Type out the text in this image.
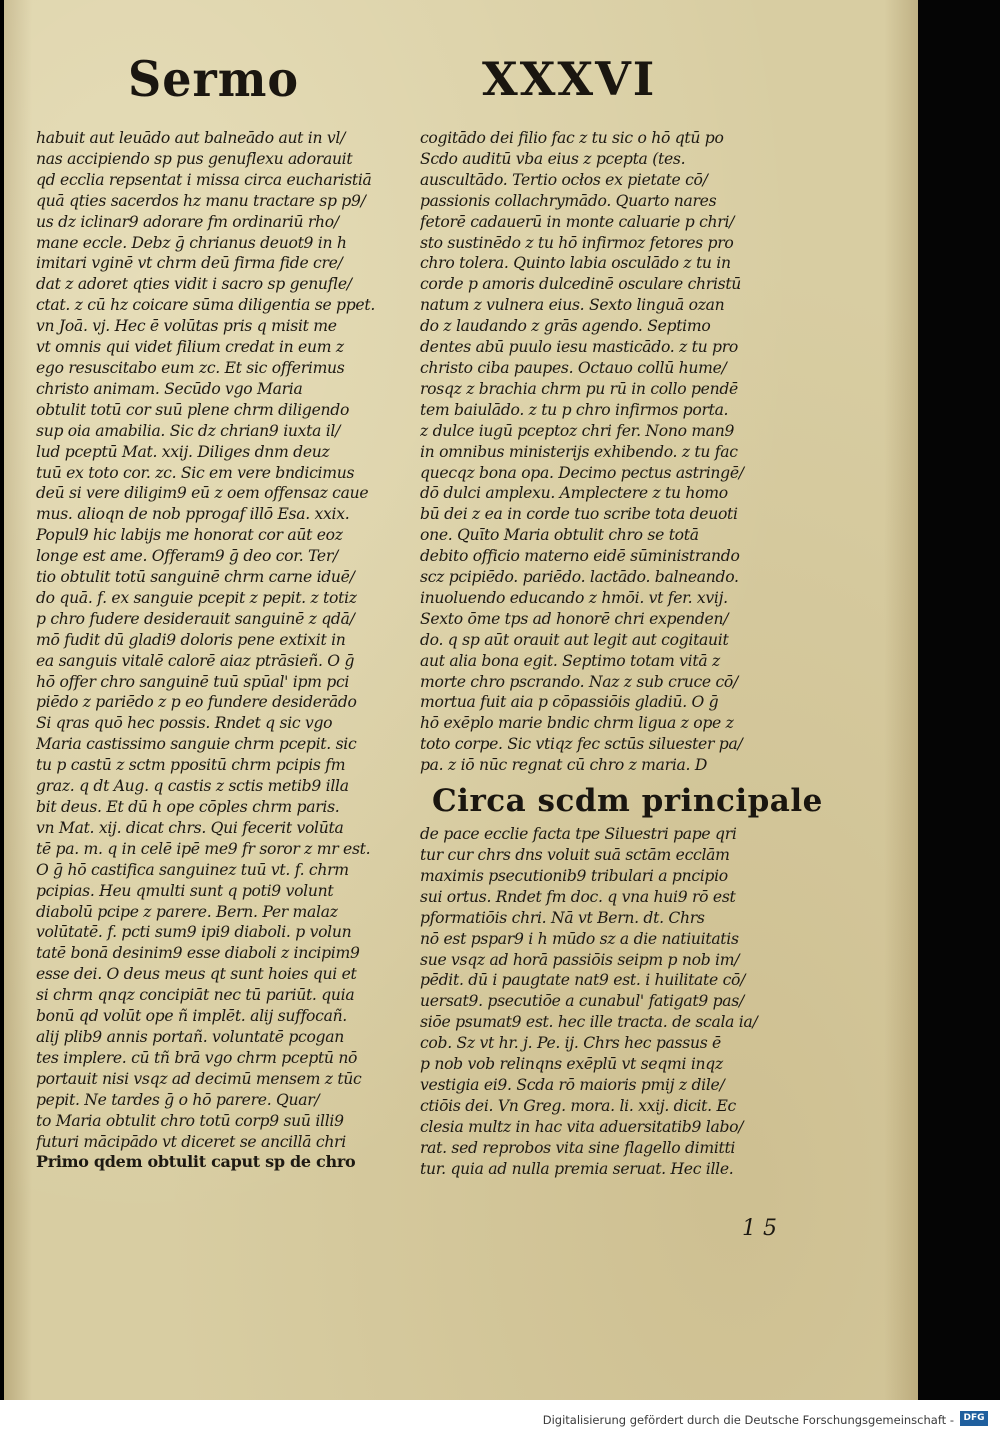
Sermo	XXXVI
habuit aut leuādo aut balneādo aut in vl/
nas accipiendo sp pus genuflexu adorauit
qd ecclia repsentat i missa circa eucharistiā
quā qties sacerdos hz manu tractare sp p9/
us dz iclinar9 adorare fm ordinariū rho/
mane eccle. Debz ḡ chrianus deuot9 in h
imitari vginē vt chrm deū firma fide cre/
dat z adoret qties vidit i sacro sp genufle/
ctat. z cū hz coicare sūma diligentia se ppet.
vn Joā. vj. Hec ē volūtas pris q misit me
vt omnis qui videt filium credat in eum z
ego resuscitabo eum zc. Et sic offerimus
christo animam. Secūdo vgo Maria
obtulit totū cor suū plene chrm diligendo
sup oia amabilia. Sic dz chrian9 iuxta il/
lud pceptū Mat. xxij. Diliges dnm deuz
tuū ex toto cor. zc. Sic em vere bndicimus
deū si vere diligim9 eū z oem offensaz caue
mus. alioqn de nob pprogaf illō Esa. xxix.
Popul9 hic labijs me honorat cor aūt eoz
longe est ame. Offeram9 ḡ deo cor. Ter/
tio obtulit totū sanguinē chrm carne iduē/
do quā. f. ex sanguie pcepit z pepit. z totiz
p chro fudere desiderauit sanguinē z qdā/
mō fudit dū gladi9 doloris pene extixit in
ea sanguis vitalē calorē aiaz ptrāsieñ. O ḡ
hō offer chro sanguinē tuū spūal' ipm pci
piēdo z pariēdo z p eo fundere desiderādo
Si qras quō hec possis. Rndet q sic vgo
Maria castissimo sanguie chrm pcepit. sic
tu p castū z sctm ppositū chrm pcipis fm
graz. q dt Aug. q castis z sctis metib9 illa
bit deus. Et dū h ope cōples chrm paris.
vn Mat. xij. dicat chrs. Qui fecerit volūta
tē pa. m. q in celē ipē me9 fr soror z mr est.
O ḡ hō castifica sanguinez tuū vt. f. chrm
pcipias. Heu qmulti sunt q poti9 volunt
diabolū pcipe z parere. Bern. Per malaz
volūtatē. f. pcti sum9 ipi9 diaboli. p volun
tatē bonā desinim9 esse diaboli z incipim9
esse dei. O deus meus qt sunt hoies qui et
si chrm qnqz concipiāt nec tū pariūt. quia
bonū qd volūt ope ñ implēt. alij suffocañ.
alij plib9 annis portañ. voluntatē pcogan
tes implere. cū tñ brā vgo chrm pceptū nō
portauit nisi vsqz ad decimū mensem z tūc
pepit. Ne tardes ḡ o hō parere. Quar/
to Maria obtulit chro totū corp9 suū illi9
futuri mācipādo vt diceret se ancillā chri
Primo qdem obtulit caput sp de chro
cogitādo dei filio fac z tu sic o hō qtū po
Scdo auditū vba eius z pcepta (tes.
auscultādo. Tertio ocłos ex pietate cō/
passionis collachrymādo. Quarto nares
fetorē cadauerū in monte caluarie p chri/
sto sustinēdo z tu hō infirmoz fetores pro
chro tolera. Quinto labia osculādo z tu in
corde p amoris dulcedinē osculare christū
natum z vulnera eius. Sexto linguā ozan
do z laudando z grās agendo. Septimo
dentes abū puulo iesu masticādo. z tu pro
christo ciba paupes. Octauo collū hume/
rosqz z brachia chrm pu rū in collo pendē
tem baiulādo. z tu p chro infirmos porta.
z dulce iugū pceptoz chri fer. Nono man9
in omnibus ministerijs exhibendo. z tu fac
quecqz bona opa. Decimo pectus astringē/
dō dulci amplexu. Amplectere z tu homo
bū dei z ea in corde tuo scribe tota deuoti
one. Quīto Maria obtulit chro se totā
debito officio materno eidē sūministrando
scz pcipiēdo. pariēdo. lactādo. balneando.
inuoluendo educando z hmōi. vt fer. xvij.
Sexto ōme tps ad honorē chri expenden/
do. q sp aūt orauit aut legit aut cogitauit
aut alia bona egit. Septimo totam vitā z
morte chro pscrando. Naz z sub cruce cō/
mortua fuit aia p cōpassiōis gladiū. O ḡ
hō exēplo marie bndic chrm ligua z ope z
toto corpe. Sic vtiqz fec sctūs siluester pa/
pa. z iō nūc regnat cū chro z maria. D
Circa scdm principale
de pace ecclie facta tpe Siluestri pape qri
tur cur chrs dns voluit suā sctām ecclām
maximis psecutionib9 tribulari a pncipio
sui ortus. Rndet fm doc. q vna hui9 rō est
pformatiōis chri. Nā vt Bern. dt. Chrs
nō est pspar9 i h mūdo sz a die natiuitatis
sue vsqz ad horā passiōis seipm p nob im/
pēdit. dū i paugtate nat9 est. i huilitate cō/
uersat9. psecutiōe a cunabul' fatigat9 pas/
siōe psumat9 est. hec ille tracta. de scala ia/
cob. Sz vt hr. j. Pe. ij. Chrs hec passus ē
p nob vob relinqns exēplū vt seqmi inqz
vestigia ei9. Scda rō maioris pmij z dile/
ctiōis dei. Vn Greg. mora. li. xxij. dicit. Ec
clesia multz in hac vita aduersitatib9 labo/
rat. sed reprobos vita sine flagello dimitti
tur. quia ad nulla premia seruat. Hec ille.
1 5
Digitalisierung gefördert durch die Deutsche Forschungsgemeinschaft -	DFG
